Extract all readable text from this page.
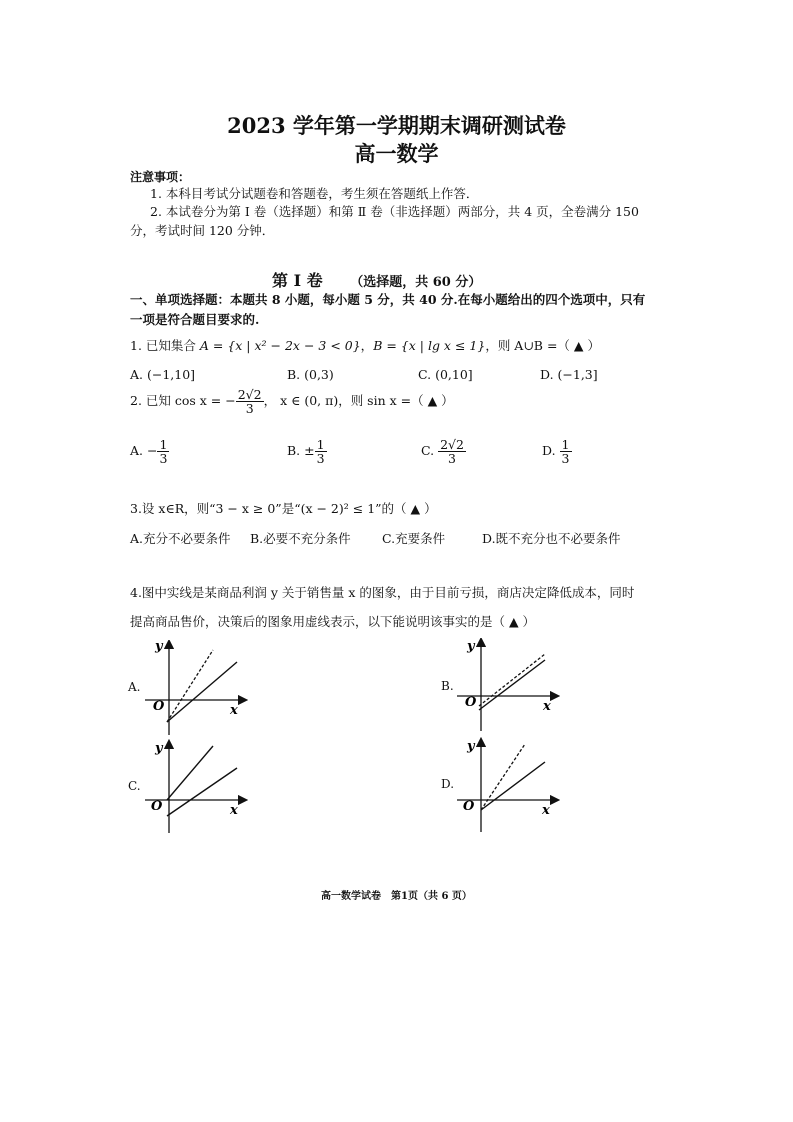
2023 学年第一学期期末调研测试卷
高一数学
注意事项：
1. 本科目考试分试题卷和答题卷，考生须在答题纸上作答．
2. 本试卷分为第 Ⅰ 卷（选择题）和第 Ⅱ 卷（非选择题）两部分，共 4 页，全卷满分 150
分，考试时间 120 分钟．
第 Ⅰ 卷 （选择题，共 60 分）
一、单项选择题：本题共 8 小题，每小题 5 分，共 40 分.在每小题给出的四个选项中，只有
一项是符合题目要求的.
1. 已知集合 A = {x | x² − 2x − 3 < 0}，B = {x | lg x ≤ 1}，则 A∪B =（ ▲ ）
A. (−1,10]	B. (0,3)	C. (0,10]	D. (−1,3]
2. 已知 cos x = − $\frac{2√2}{3}$ ， x ∈ (0, π)，则 sin x =（ ▲ ）
A. − $\frac{1}{3}$	B. ± $\frac{1}{3}$	C. $\frac{2√2}{3}$	D. $\frac{1}{3}$
3.设 x∈R，则“3 − x ≥ 0”是“(x − 2)² ≤ 1”的（ ▲ ）
A.充分不必要条件 B.必要不充分条件	C.充要条件	D.既不充分也不必要条件
4.图中实线是某商品利润 y 关于销售量 x 的图象，由于目前亏损，商店决定降低成本，同时
提高商品售价，决策后的图象用虚线表示，以下能说明该事实的是（ ▲ ）
A.
y
x
O
B.
y
x
O
C.
y
x
O
D.
y
x
O
高一数学试卷　第1页（共 6 页）
